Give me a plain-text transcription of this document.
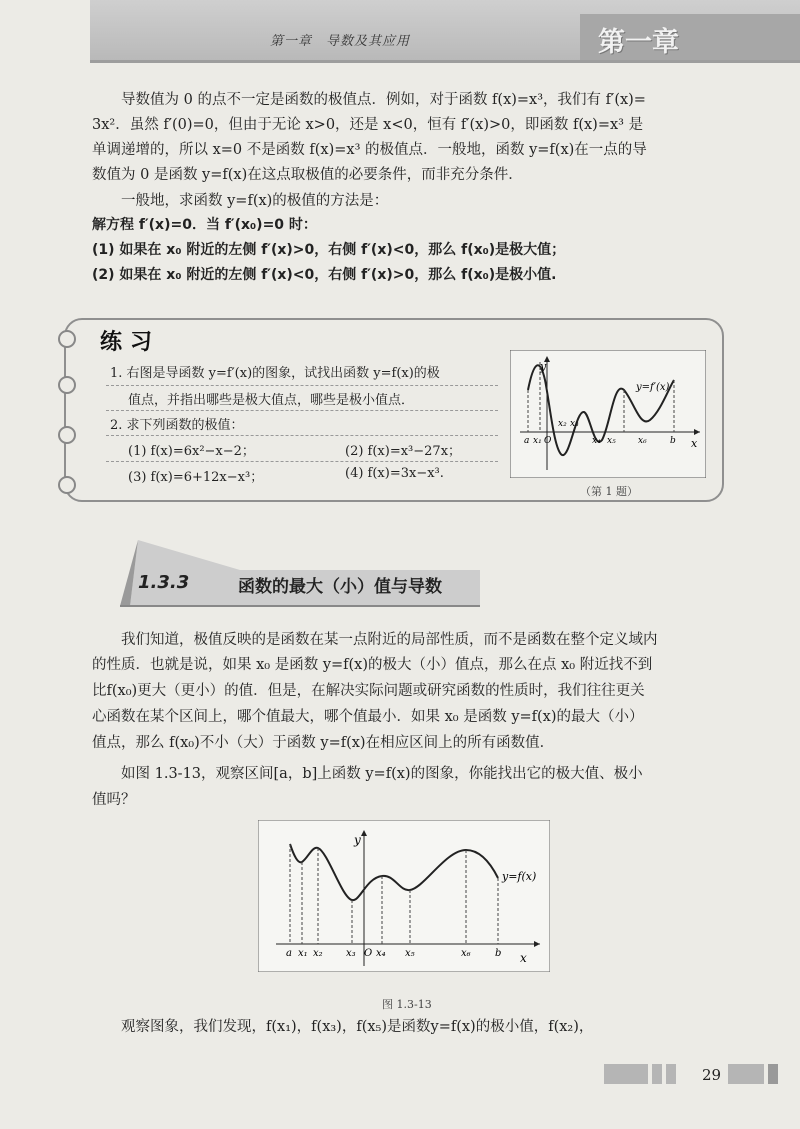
第一章　导数及其应用	第一章
　　导数值为 0 的点不一定是函数的极值点．例如，对于函数 f(x)=x³，我们有 f′(x)=
3x²．虽然 f′(0)=0，但由于无论 x>0，还是 x<0，恒有 f′(x)>0，即函数 f(x)=x³ 是
单调递增的，所以 x=0 不是函数 f(x)=x³ 的极值点．一般地，函数 y=f(x)在一点的导
数值为 0 是函数 y=f(x)在这点取极值的必要条件，而非充分条件．
　　一般地，求函数 y=f(x)的极值的方法是：
解方程 f′(x)=0．当 f′(x₀)=0 时：
(1) 如果在 x₀ 附近的左侧 f′(x)>0，右侧 f′(x)<0，那么 f(x₀)是极大值；
(2) 如果在 x₀ 附近的左侧 f′(x)<0，右侧 f′(x)>0，那么 f(x₀)是极小值.
练习
1. 右图是导函数 y=f′(x)的图象，试找出函数 y=f(x)的极
值点，并指出哪些是极大值点，哪些是极小值点．
2. 求下列函数的极值：
(1) f(x)=6x²−x−2；	(2) f(x)=x³−27x；
(3) f(x)=6+12x−x³；	(4) f(x)=3x−x³.
y
x
y=f′(x)
a x₁ O
x₂ x₃
x₄ x₅ x₆	b
（第 1 题）
1.3.3	函数的最大（小）值与导数
　　我们知道，极值反映的是函数在某一点附近的局部性质，而不是函数在整个定义域内
的性质．也就是说，如果 x₀ 是函数 y=f(x)的极大（小）值点，那么在点 x₀ 附近找不到
比f(x₀)更大（更小）的值．但是，在解决实际问题或研究函数的性质时，我们往往更关
心函数在某个区间上，哪个值最大，哪个值最小．如果 x₀ 是函数 y=f(x)的最大（小）
值点，那么 f(x₀)不小（大）于函数 y=f(x)在相应区间上的所有函数值．
　　如图 1.3-13，观察区间[a，b]上函数 y=f(x)的图象，你能找出它的极大值、极小
值吗？
y
x
y=f(x)
a x₁ x₂ x₃ O x₄ x₅	x₆ b
图 1.3-13
　　观察图象，我们发现，f(x₁)，f(x₃)，f(x₅)是函数y=f(x)的极小值，f(x₂)，
29
